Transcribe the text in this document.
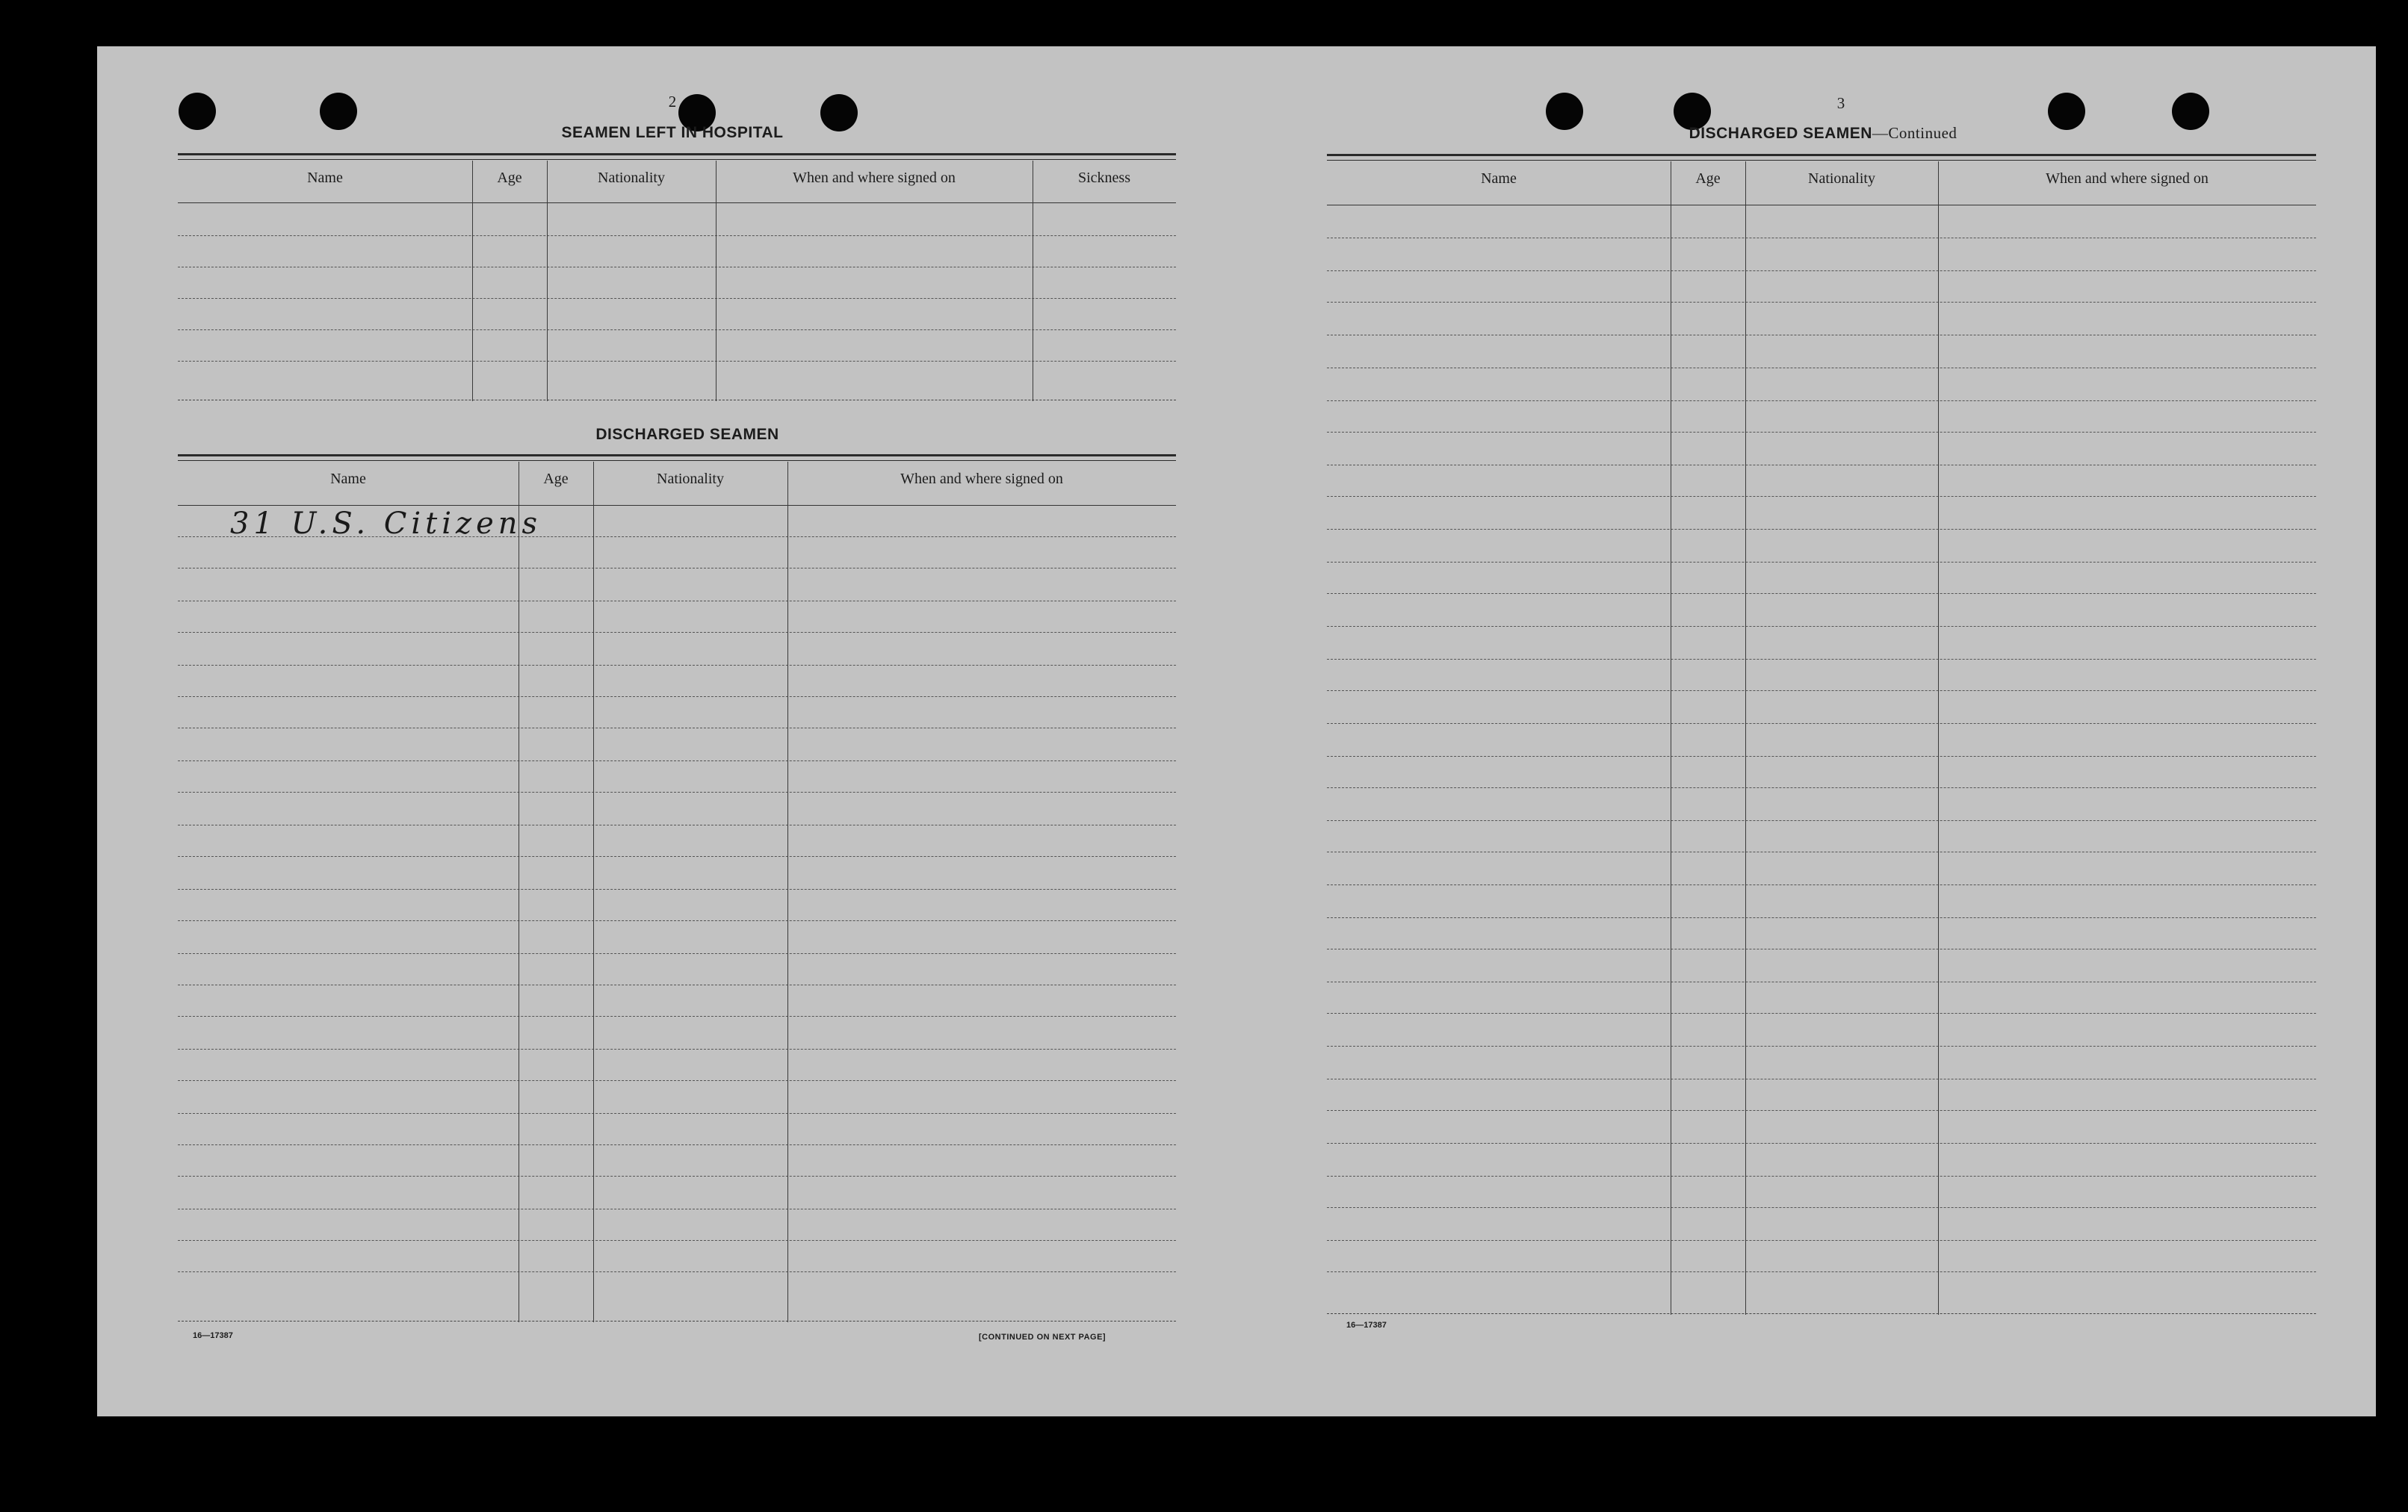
2
SEAMEN LEFT IN HOSPITAL
Name	Age	Nationality	When and where signed on	Sickness
DISCHARGED SEAMEN
Name	Age	Nationality	When and where signed on
31 U.S. Citizens
16—17387	[CONTINUED ON NEXT PAGE]
3
DISCHARGED SEAMEN—Continued
Name	Age	Nationality	When and where signed on
16—17387
